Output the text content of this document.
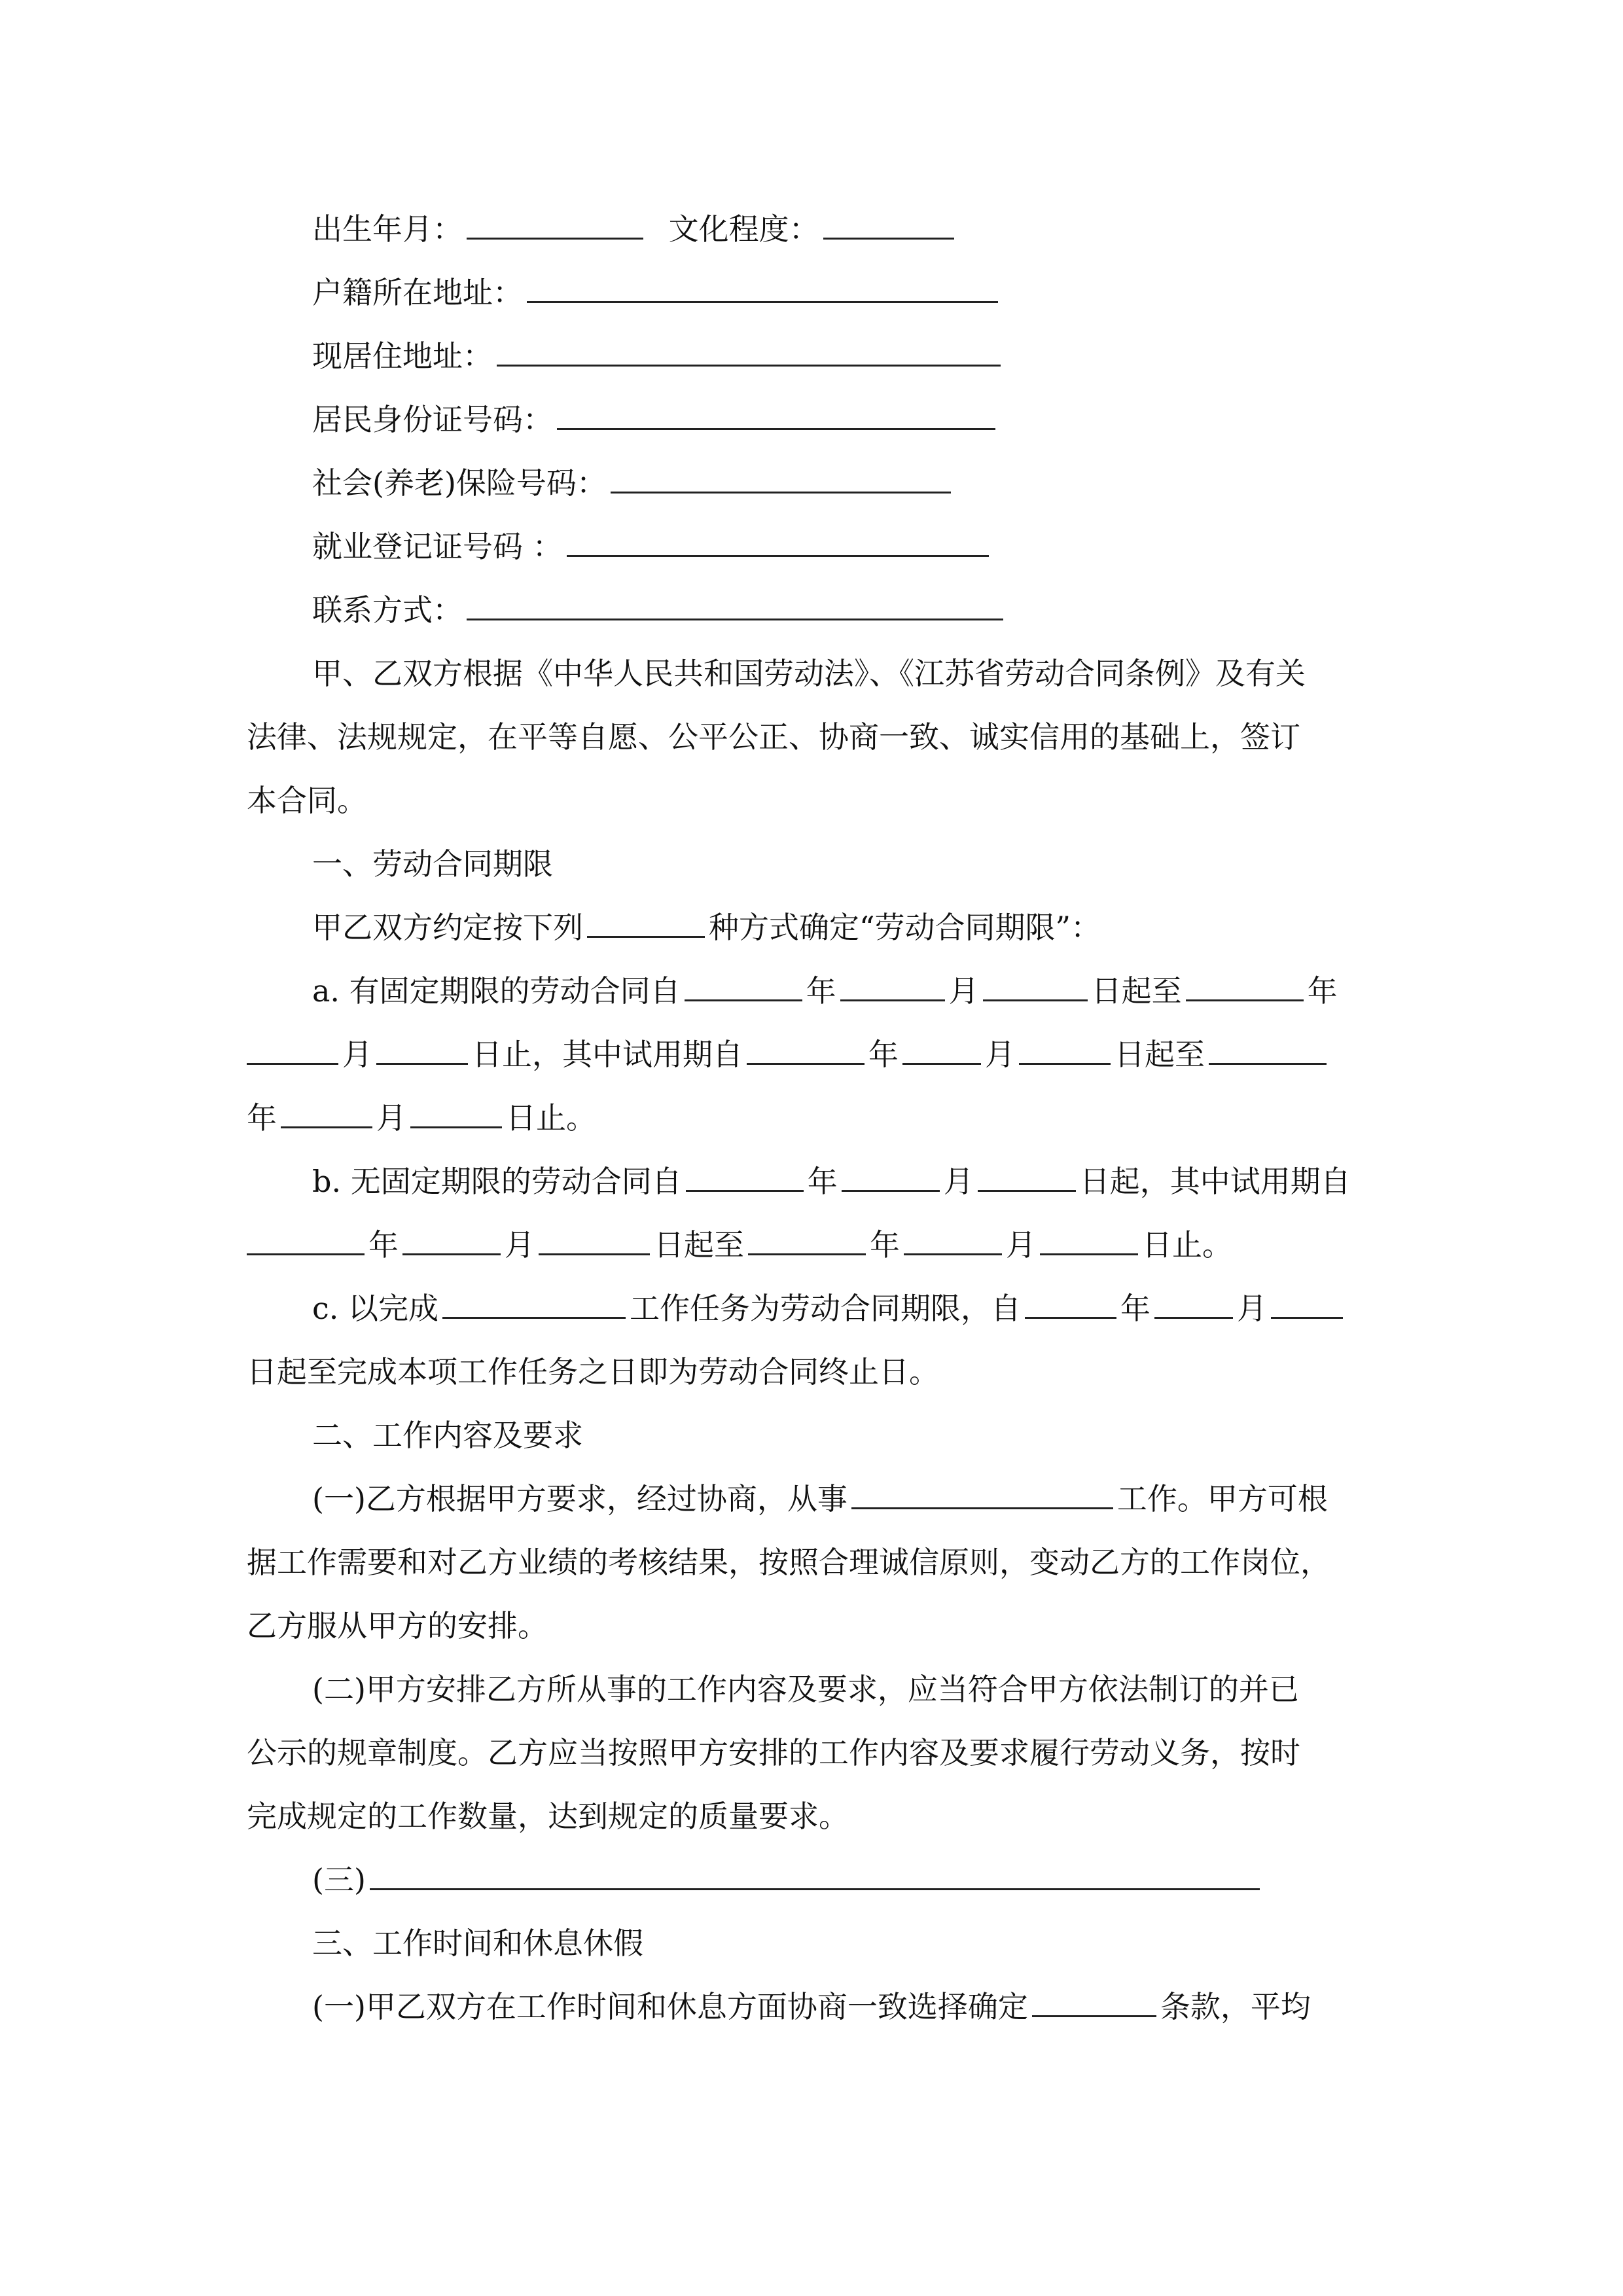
出生年月：	文化程度：
户籍所在地址：
现居住地址：
居民身份证号码：
社会(养老)保险号码：
就业登记证号码 ：
联系方式：
甲、乙双方根据《中华人民共和国劳动法》、《江苏省劳动合同条例》及有关
法律、法规规定，在平等自愿、公平公正、协商一致、诚实信用的基础上，签订
本合同。
一、劳动合同期限
甲乙双方约定按下列	种方式确定“劳动合同期限”：
a. 有固定期限的劳动合同自	年	月	日起至	年
月	日止，其中试用期自	年	月	日起至
年	月	日止。
b. 无固定期限的劳动合同自	年	月	日起，其中试用期自
年	月	日起至	年	月	日止。
c. 以完成	工作任务为劳动合同期限，自	年	月
日起至完成本项工作任务之日即为劳动合同终止日。
二、工作内容及要求
(一)乙方根据甲方要求，经过协商，从事	工作。甲方可根
据工作需要和对乙方业绩的考核结果，按照合理诚信原则，变动乙方的工作岗位，
乙方服从甲方的安排。
(二)甲方安排乙方所从事的工作内容及要求，应当符合甲方依法制订的并已
公示的规章制度。乙方应当按照甲方安排的工作内容及要求履行劳动义务，按时
完成规定的工作数量，达到规定的质量要求。
(三)
三、工作时间和休息休假
(一)甲乙双方在工作时间和休息方面协商一致选择确定	条款，平均
